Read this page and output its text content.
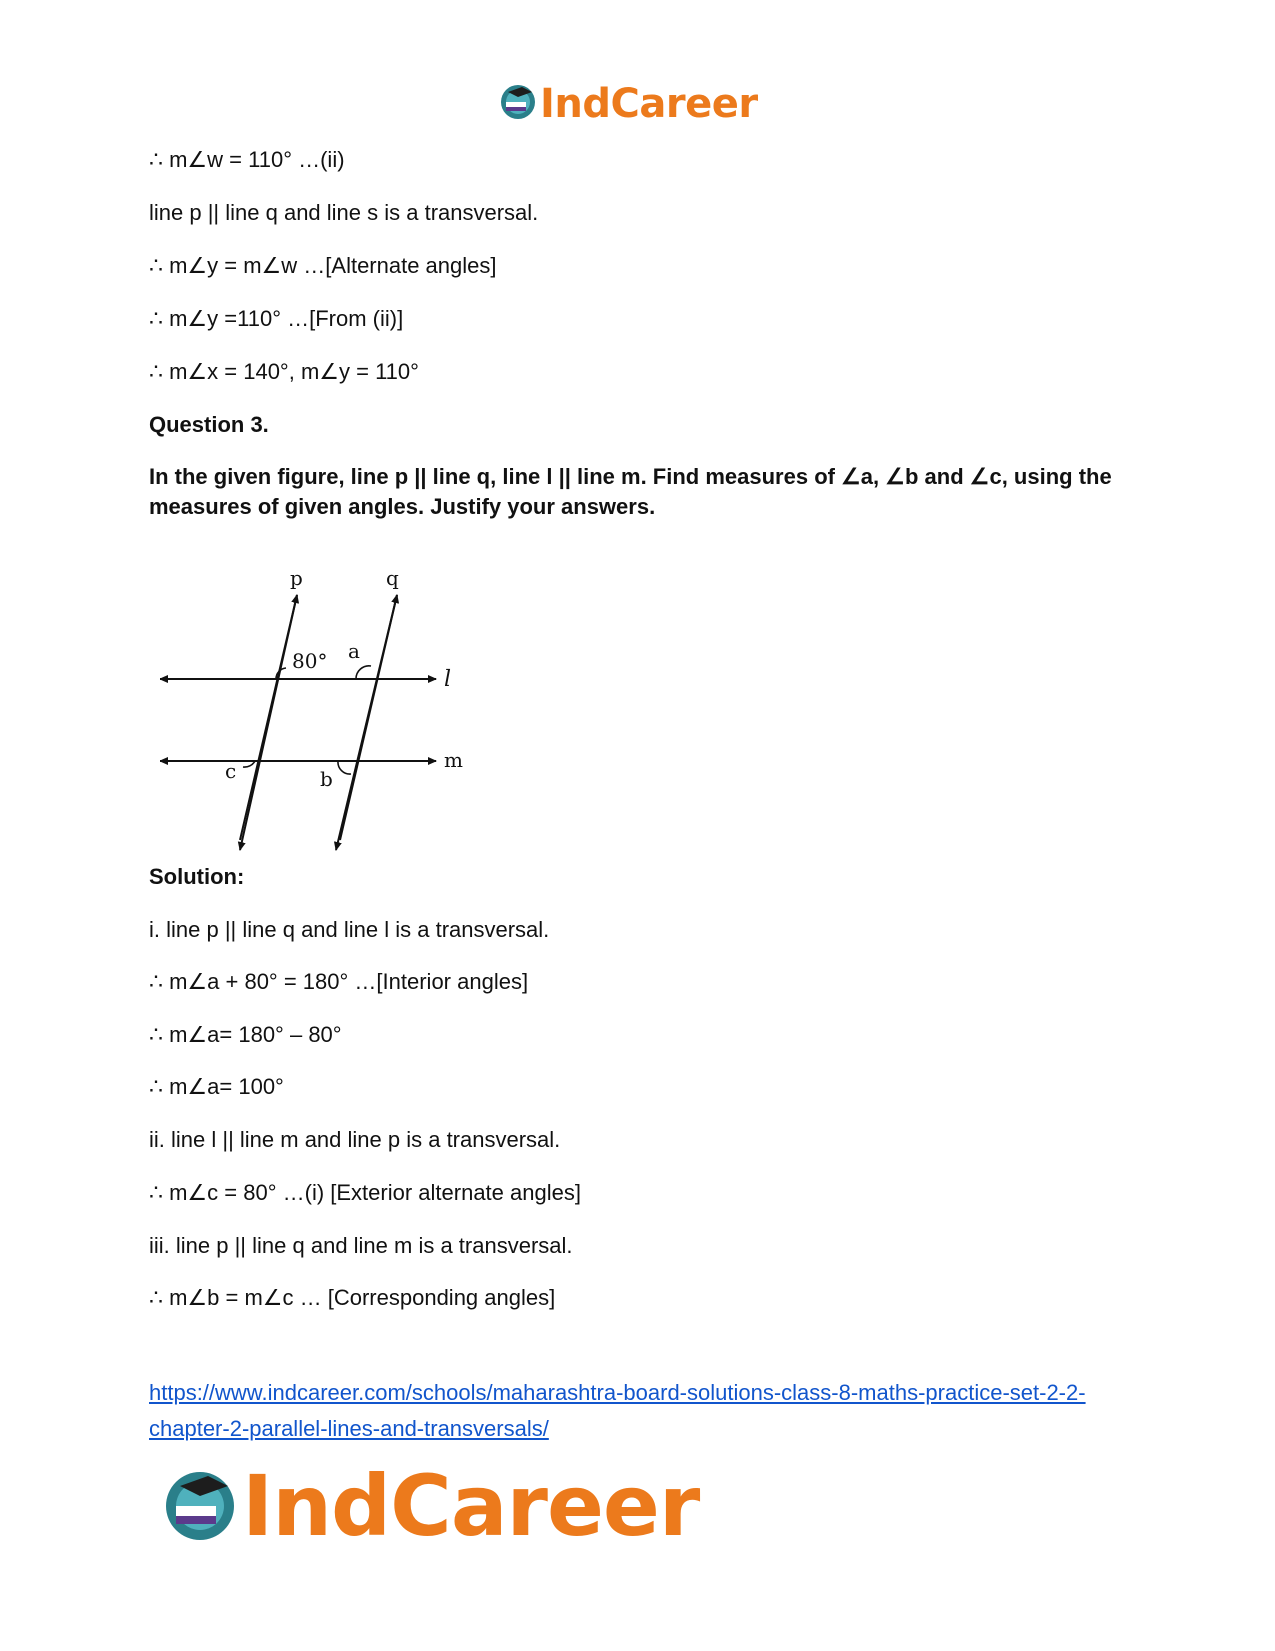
IndCareer
∴ m∠w = 110° …(ii)
line p || line q and line s is a transversal.
∴ m∠y = m∠w …[Alternate angles]
∴ m∠y =110° …[From (ii)]
∴ m∠x = 140°, m∠y = 110°
Question 3.
In the given figure, line p || line q, line l || line m. Find measures of ∠a, ∠b and ∠c, using the measures of given angles. Justify your answers.
p	q
l
m
80° a
c	b
Solution:
i. line p || line q and line l is a transversal.
∴ m∠a + 80° = 180° …[Interior angles]
∴ m∠a= 180° – 80°
∴ m∠a= 100°
ii. line l || line m and line p is a transversal.
∴ m∠c = 80° …(i) [Exterior alternate angles]
iii. line p || line q and line m is a transversal.
∴ m∠b = m∠c … [Corresponding angles]
https://www.indcareer.com/schools/maharashtra-board-solutions-class-8-maths-practice-set-2-2-chapter-2-parallel-lines-and-transversals/
IndCareer
